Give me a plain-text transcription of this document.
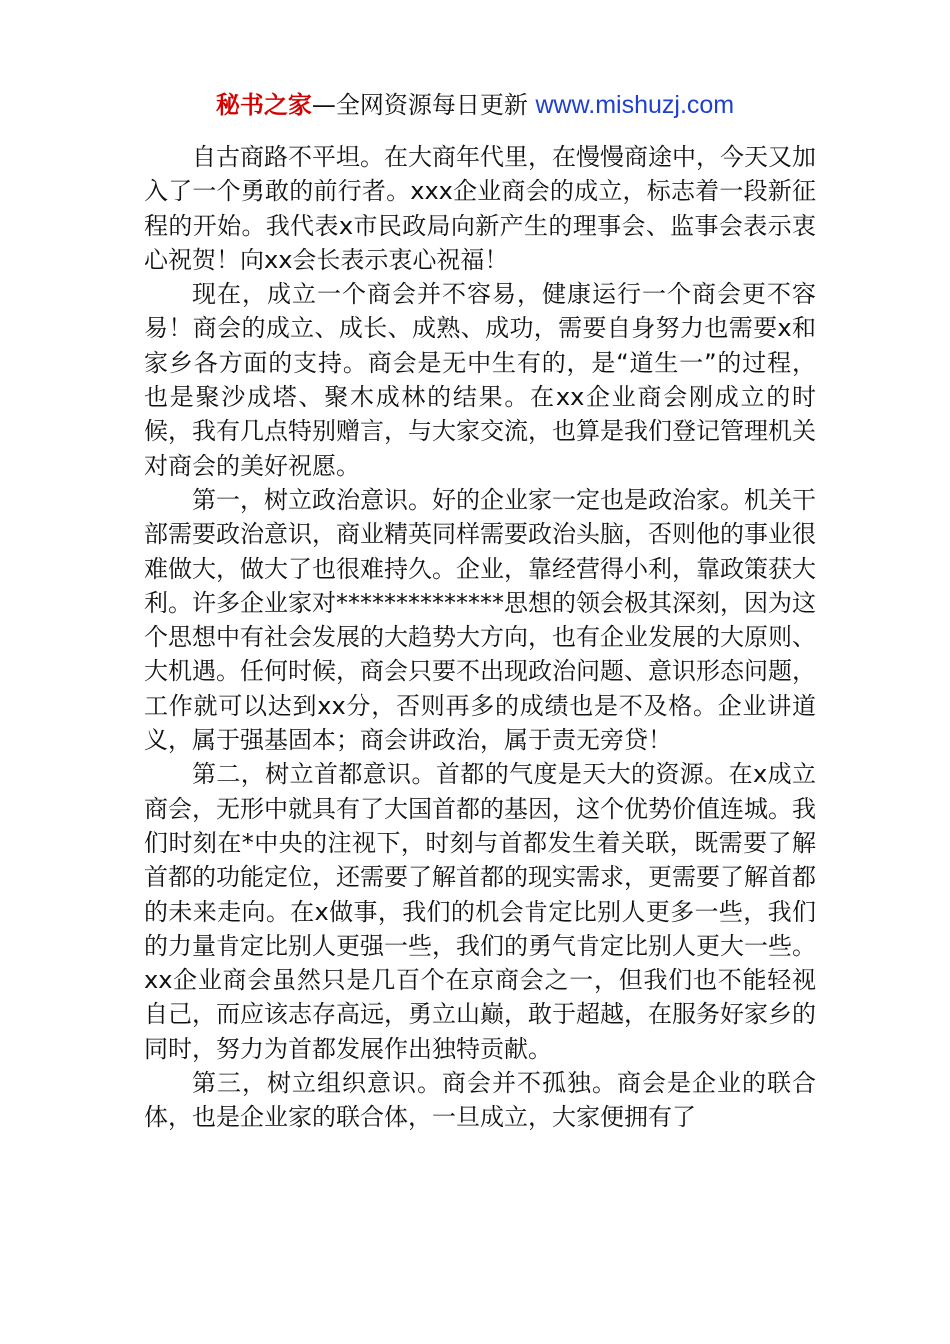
秘书之家—全网资源每日更新 www.mishuzj.com

自古商路不平坦。在大商年代里，在慢慢商途中，今天又加入了一个勇敢的前行者。xxx企业商会的成立，标志着一段新征程的开始。我代表x市民政局向新产生的理事会、监事会表示衷心祝贺！向xx会长表示衷心祝福！

现在，成立一个商会并不容易，健康运行一个商会更不容易！商会的成立、成长、成熟、成功，需要自身努力也需要x和家乡各方面的支持。商会是无中生有的，是“道生一”的过程，也是聚沙成塔、聚木成林的结果。在xx企业商会刚成立的时候，我有几点特别赠言，与大家交流，也算是我们登记管理机关对商会的美好祝愿。

第一，树立政治意识。好的企业家一定也是政治家。机关干部需要政治意识，商业精英同样需要政治头脑，否则他的事业很难做大，做大了也很难持久。企业，靠经营得小利，靠政策获大利。许多企业家对**************思想的领会极其深刻，因为这个思想中有社会发展的大趋势大方向，也有企业发展的大原则、大机遇。任何时候，商会只要不出现政治问题、意识形态问题，工作就可以达到xx分，否则再多的成绩也是不及格。企业讲道义，属于强基固本；商会讲政治，属于责无旁贷！

第二，树立首都意识。首都的气度是天大的资源。在x成立商会，无形中就具有了大国首都的基因，这个优势价值连城。我们时刻在*中央的注视下，时刻与首都发生着关联，既需要了解首都的功能定位，还需要了解首都的现实需求，更需要了解首都的未来走向。在x做事，我们的机会肯定比别人更多一些，我们的力量肯定比别人更强一些，我们的勇气肯定比别人更大一些。xx企业商会虽然只是几百个在京商会之一，但我们也不能轻视自己，而应该志存高远，勇立山巅，敢于超越，在服务好家乡的同时，努力为首都发展作出独特贡献。

第三，树立组织意识。商会并不孤独。商会是企业的联合体，也是企业家的联合体，一旦成立，大家便拥有了
